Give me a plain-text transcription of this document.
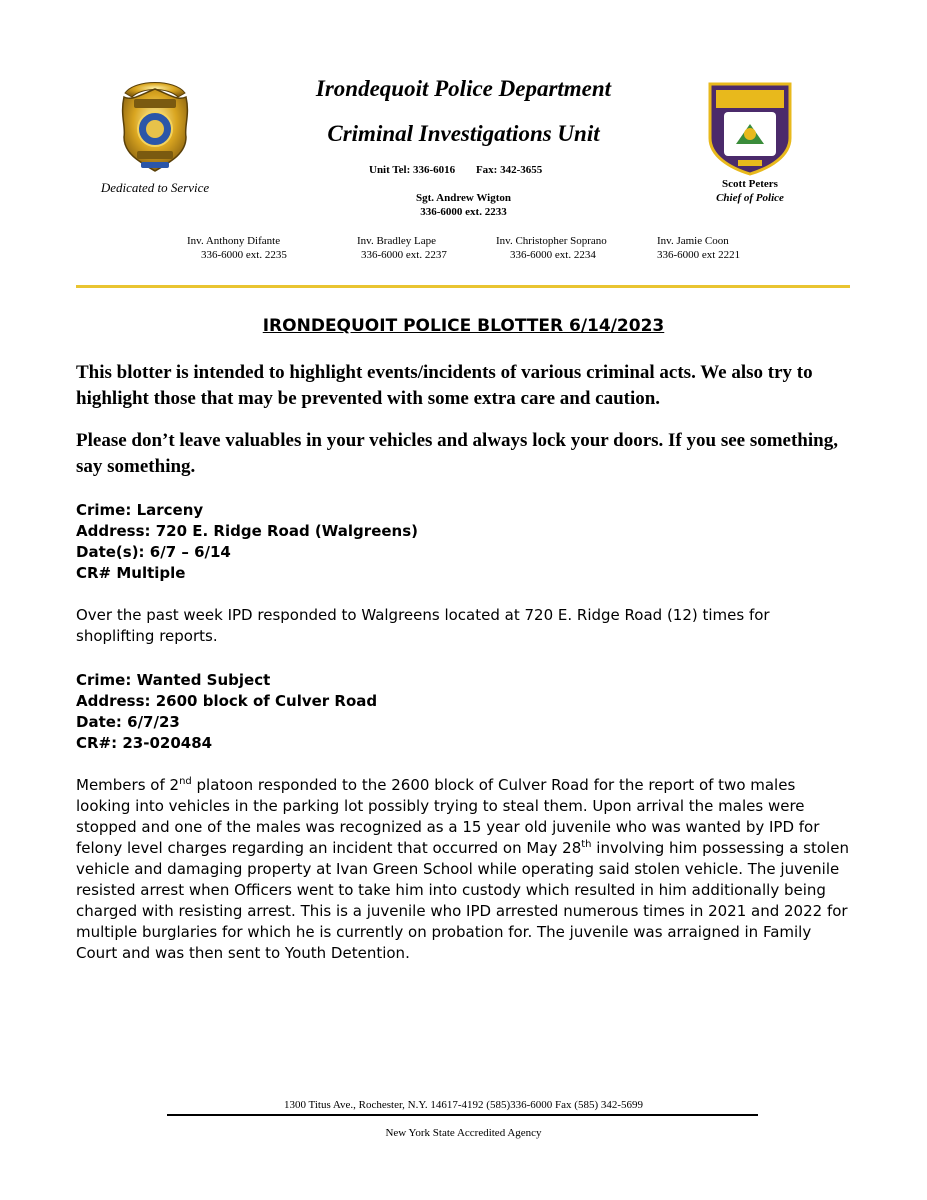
Dedicated to Service
Irondequoit Police Department
Criminal Investigations Unit
Unit Tel: 336-6016 Fax: 342-3655
Sgt. Andrew Wigton
336-6000 ext. 2233
Scott Peters
Chief of Police
Inv. Anthony Difante
336-6000 ext. 2235
Inv. Bradley Lape
336-6000 ext. 2237
Inv. Christopher Soprano
336-6000 ext. 2234
Inv. Jamie Coon
336-6000 ext 2221
IRONDEQUOIT POLICE BLOTTER 6/14/2023
This blotter is intended to highlight events/incidents of various criminal acts. We also try to highlight those that may be prevented with some extra care and caution.
Please don’t leave valuables in your vehicles and always lock your doors. If you see something, say something.
Crime: Larceny
Address: 720 E. Ridge Road (Walgreens)
Date(s): 6/7 – 6/14
CR# Multiple
Over the past week IPD responded to Walgreens located at 720 E. Ridge Road (12) times for shoplifting reports.
Crime: Wanted Subject
Address: 2600 block of Culver Road
Date: 6/7/23
CR#: 23-020484
Members of 2nd platoon responded to the 2600 block of Culver Road for the report of two males looking into vehicles in the parking lot possibly trying to steal them. Upon arrival the males were stopped and one of the males was recognized as a 15 year old juvenile who was wanted by IPD for felony level charges regarding an incident that occurred on May 28th involving him possessing a stolen vehicle and damaging property at Ivan Green School while operating said stolen vehicle. The juvenile resisted arrest when Officers went to take him into custody which resulted in him additionally being charged with resisting arrest. This is a juvenile who IPD arrested numerous times in 2021 and 2022 for multiple burglaries for which he is currently on probation for. The juvenile was arraigned in Family Court and was then sent to Youth Detention.
1300 Titus Ave., Rochester, N.Y. 14617-4192 (585)336-6000 Fax (585) 342-5699
New York State Accredited Agency
